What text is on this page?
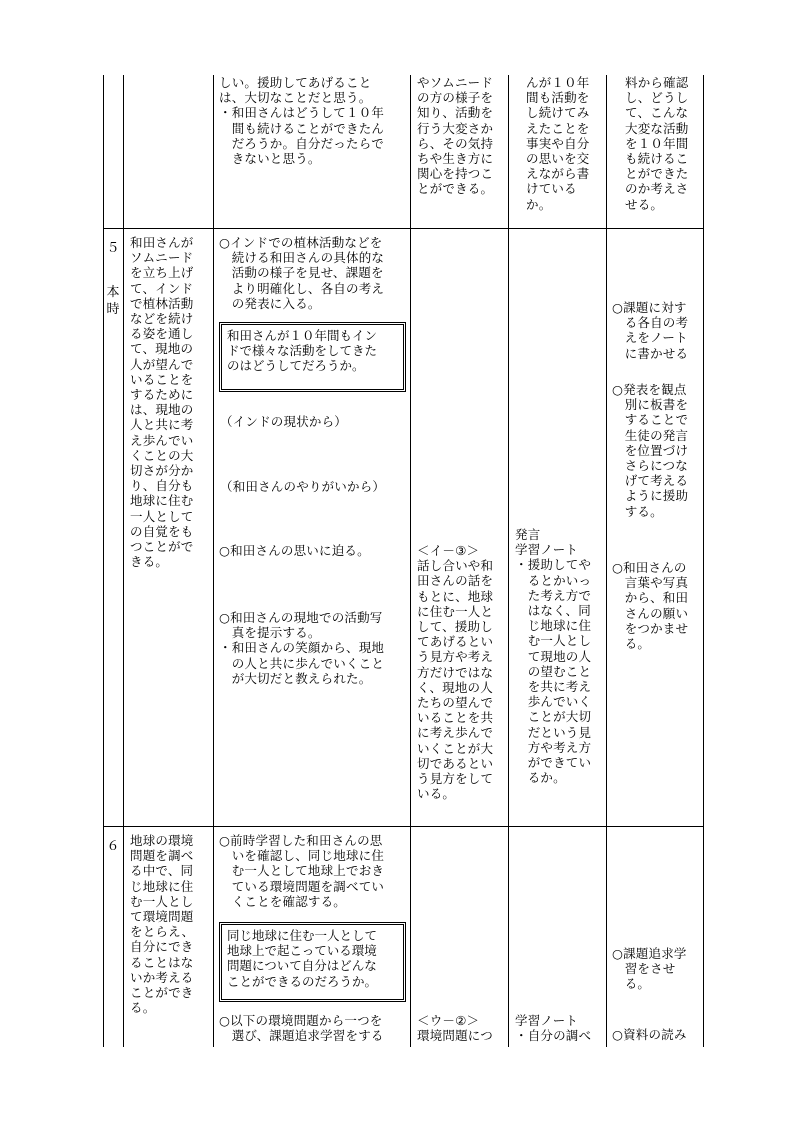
しい。援助してあげること
は、大切なことだと思う。
・和田さんはどうして１０年
　間も続けることができたん
　だろうか。自分だったらで
　きないと思う。
やソムニード
の方の様子を
知り、活動を
行う大変さか
ら、その気持
ちや生き方に
関心を持つこ
とができる。
んが１０年
間も活動を
し続けてみ
えたことを
事実や自分
の思いを交
えながら書
けている
か。
料から確認
し、どうし
て、こんな
大変な活動
を１０年間
も続けるこ
とができた
のか考えさ
せる。
５
本
時
和田さんが
ソムニード
を立ち上げ
て、インド
で植林活動
などを続け
る姿を通し
て、現地の
人が望んで
いることを
するために
は、現地の
人と共に考
え歩んでい
くことの大
切さが分か
り、自分も
地球に住む
一人として
の自覚をも
つことがで
きる。
○インドでの植林活動などを
　続ける和田さんの具体的な
　活動の様子を見せ、課題を
　より明確化し、各自の考え
　の発表に入る。
和田さんが１０年間もイン
ドで様々な活動をしてきた
のはどうしてだろうか。
（インドの現状から）
（和田さんのやりがいから）
○和田さんの思いに迫る。
○和田さんの現地での活動写
　真を提示する。
・和田さんの笑顔から、現地
　の人と共に歩んでいくこと
　が大切だと教えられた。
＜イ－③＞
話し合いや和
田さんの話を
もとに、地球
に住む一人と
して、援助し
てあげるとい
う見方や考え
方だけではな
く、現地の人
たちの望んで
いることを共
に考え歩んで
いくことが大
切であるとい
う見方をして
いる。
発言
学習ノート
・援助してや
　るとかいっ
　た考え方で
　はなく、同
　じ地球に住
　む一人とし
　て現地の人
　の望むこと
　を共に考え
　歩んでいく
　ことが大切
　だという見
　方や考え方
　ができてい
　るか。
○課題に対す
　る各自の考
　えをノート
　に書かせる
○発表を観点
　別に板書を
　することで
　生徒の発言
　を位置づけ
　さらにつな
　げて考える
　ように援助
　する。
○和田さんの
　言葉や写真
　から、和田
　さんの願い
　をつかませ
　る。
６ 地球の環境
問題を調べ
る中で、同
じ地球に住
む一人とし
て環境問題
をとらえ、
自分にでき
ることはな
いか考える
ことができ
る。
○前時学習した和田さんの思
　いを確認し、同じ地球に住
　む一人として地球上でおき
　ている環境問題を調べてい
　くことを確認する。
同じ地球に住む一人として
地球上で起こっている環境
問題について自分はどんな
ことができるのだろうか。
○以下の環境問題から一つを
　選び、課題追求学習をする
＜ウ－②＞
環境問題につ
学習ノート
・自分の調べ
○課題追求学
　習をさせ
　る。
○資料の読み
